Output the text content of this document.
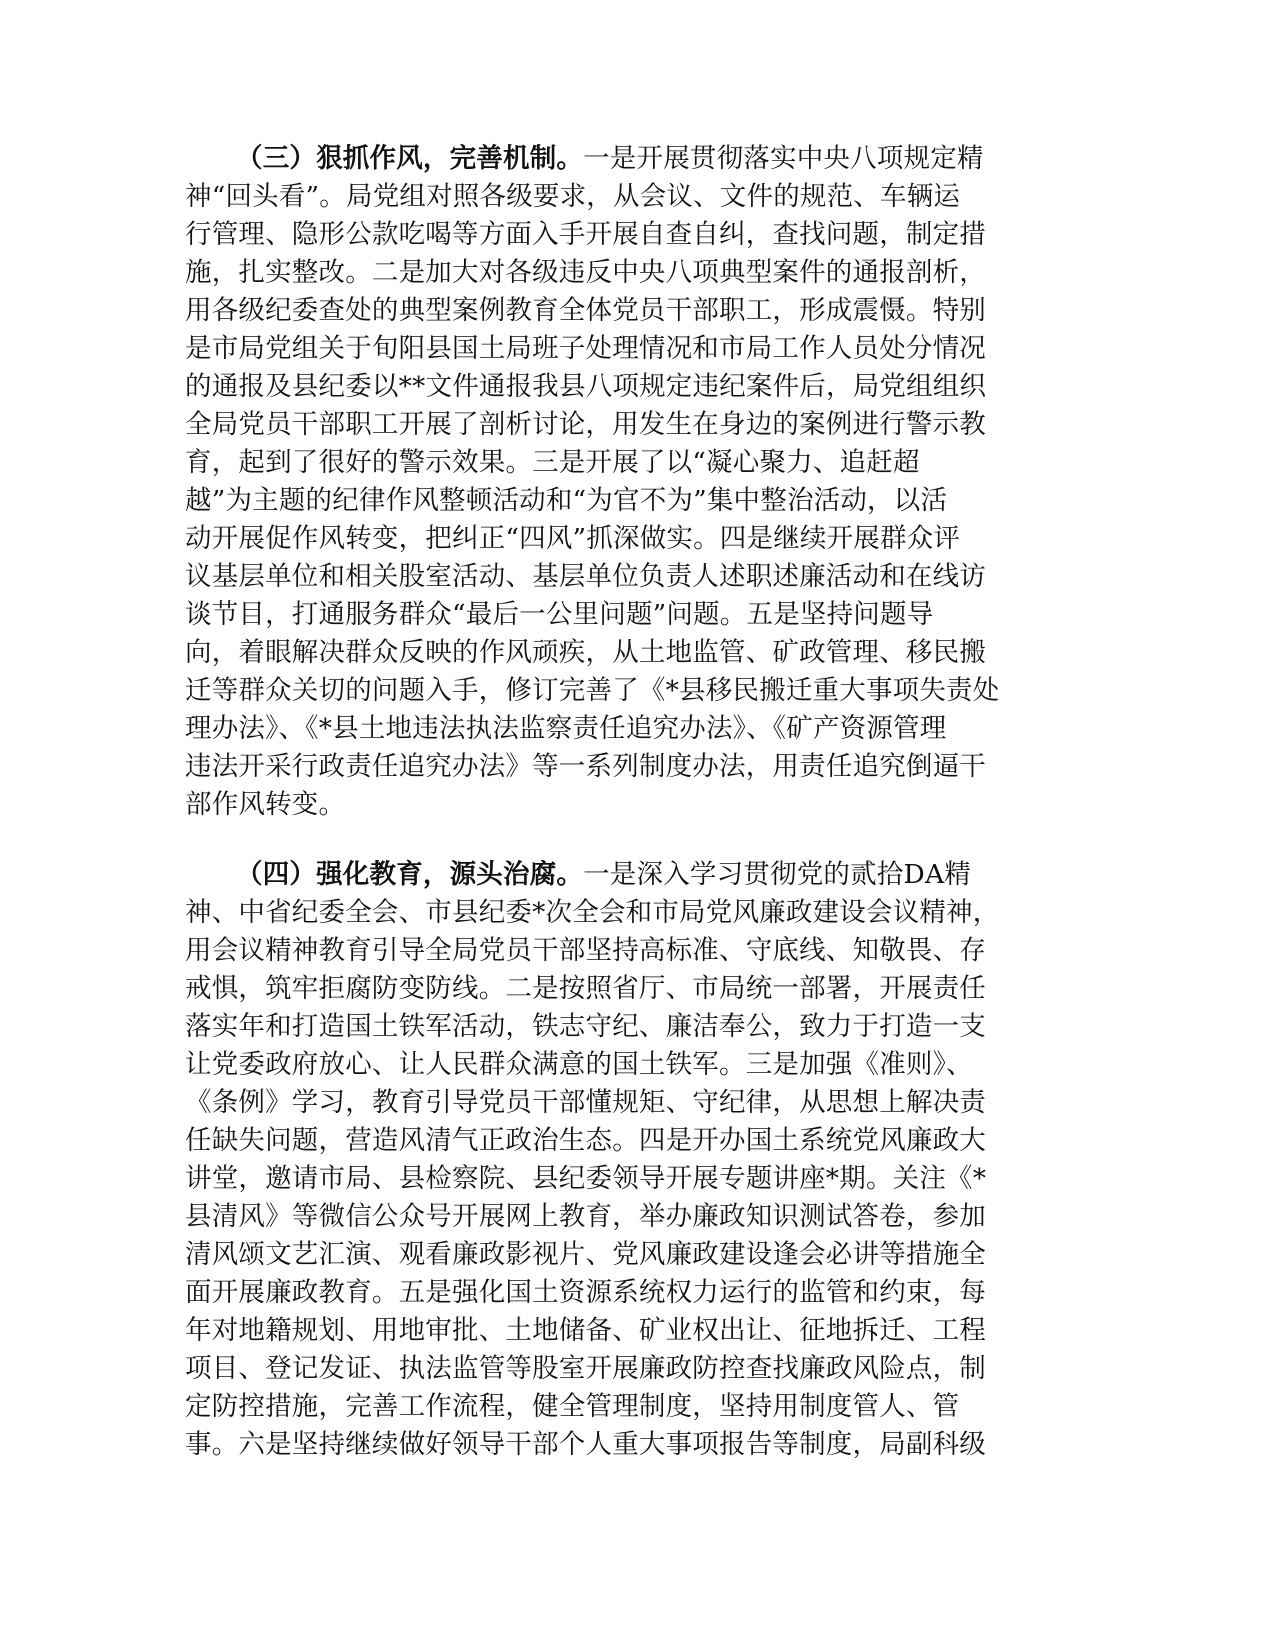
（三）狠抓作风，完善机制。一是开展贯彻落实中央八项规定精
神“回头看”。局党组对照各级要求，从会议、文件的规范、车辆运
行管理、隐形公款吃喝等方面入手开展自查自纠，查找问题，制定措
施，扎实整改。二是加大对各级违反中央八项典型案件的通报剖析，
用各级纪委查处的典型案例教育全体党员干部职工，形成震慑。特别
是市局党组关于旬阳县国土局班子处理情况和市局工作人员处分情况
的通报及县纪委以**文件通报我县八项规定违纪案件后，局党组组织
全局党员干部职工开展了剖析讨论，用发生在身边的案例进行警示教
育，起到了很好的警示效果。三是开展了以“凝心聚力、追赶超
越”为主题的纪律作风整顿活动和“为官不为”集中整治活动，以活
动开展促作风转变，把纠正“四风”抓深做实。四是继续开展群众评
议基层单位和相关股室活动、基层单位负责人述职述廉活动和在线访
谈节目，打通服务群众“最后一公里问题”问题。五是坚持问题导
向，着眼解决群众反映的作风顽疾，从土地监管、矿政管理、移民搬
迁等群众关切的问题入手，修订完善了《*县移民搬迁重大事项失责处
理办法》、《*县土地违法执法监察责任追究办法》、《矿产资源管理
违法开采行政责任追究办法》等一系列制度办法，用责任追究倒逼干
部作风转变。
（四）强化教育，源头治腐。一是深入学习贯彻党的贰拾DA精
神、中省纪委全会、市县纪委*次全会和市局党风廉政建设会议精神，
用会议精神教育引导全局党员干部坚持高标准、守底线、知敬畏、存
戒惧，筑牢拒腐防变防线。二是按照省厅、市局统一部署，开展责任
落实年和打造国土铁军活动，铁志守纪、廉洁奉公，致力于打造一支
让党委政府放心、让人民群众满意的国土铁军。三是加强《准则》、
《条例》学习，教育引导党员干部懂规矩、守纪律，从思想上解决责
任缺失问题，营造风清气正政治生态。四是开办国土系统党风廉政大
讲堂，邀请市局、县检察院、县纪委领导开展专题讲座*期。关注《*
县清风》等微信公众号开展网上教育，举办廉政知识测试答卷，参加
清风颂文艺汇演、观看廉政影视片、党风廉政建设逢会必讲等措施全
面开展廉政教育。五是强化国土资源系统权力运行的监管和约束，每
年对地籍规划、用地审批、土地储备、矿业权出让、征地拆迁、工程
项目、登记发证、执法监管等股室开展廉政防控查找廉政风险点，制
定防控措施，完善工作流程，健全管理制度，坚持用制度管人、管
事。六是坚持继续做好领导干部个人重大事项报告等制度，局副科级
